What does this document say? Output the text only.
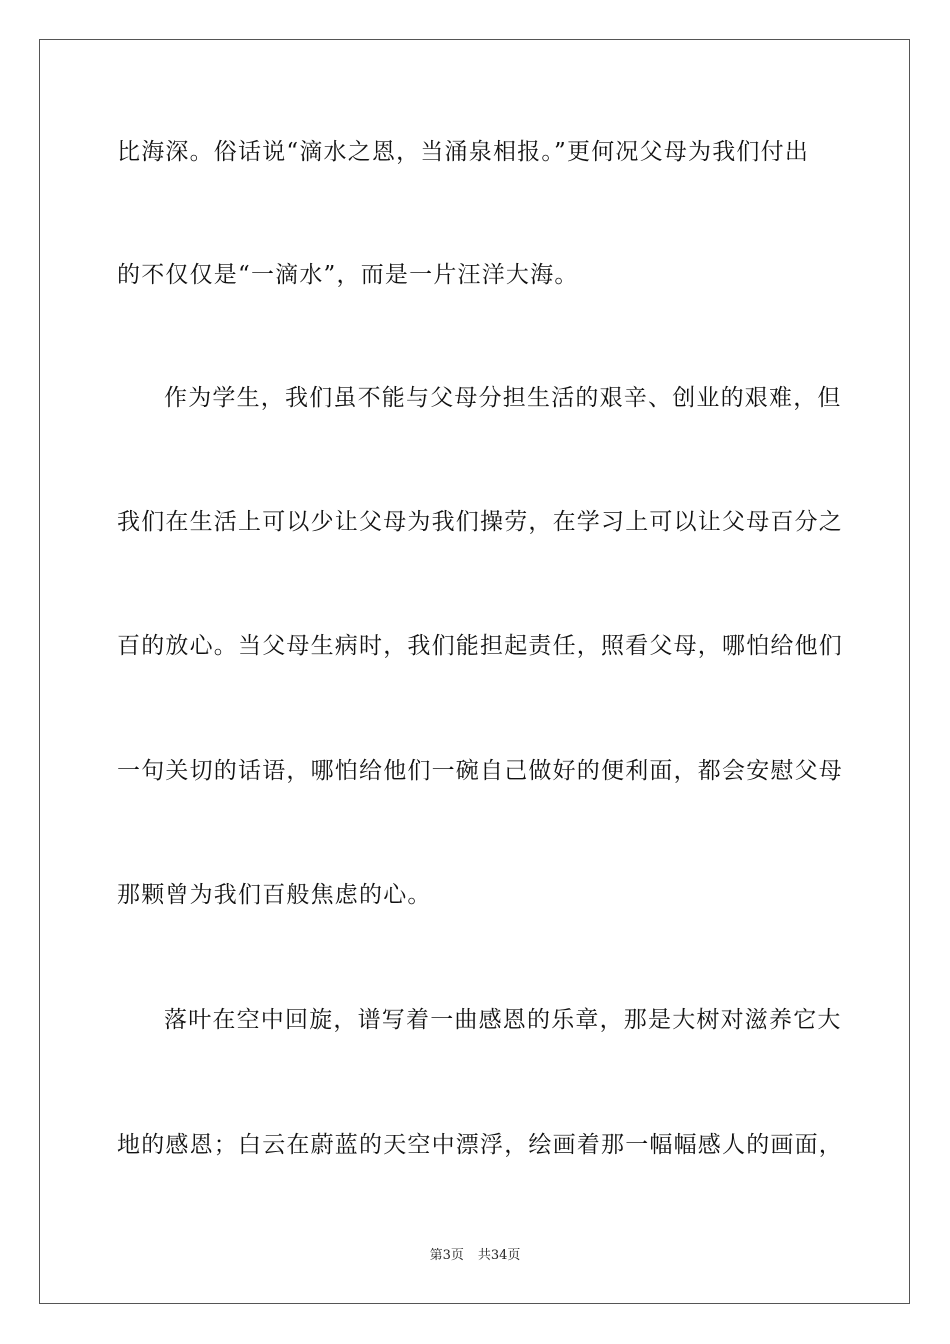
比海深。俗话说“滴水之恩，当涌泉相报。”更何况父母为我们付出
的不仅仅是“一滴水”，而是一片汪洋大海。
作为学生，我们虽不能与父母分担生活的艰辛、创业的艰难，但
我们在生活上可以少让父母为我们操劳，在学习上可以让父母百分之
百的放心。当父母生病时，我们能担起责任，照看父母，哪怕给他们
一句关切的话语，哪怕给他们一碗自己做好的便利面，都会安慰父母
那颗曾为我们百般焦虑的心。
落叶在空中回旋，谱写着一曲感恩的乐章，那是大树对滋养它大
地的感恩；白云在蔚蓝的天空中漂浮，绘画着那一幅幅感人的画面，
第3页 共34页
